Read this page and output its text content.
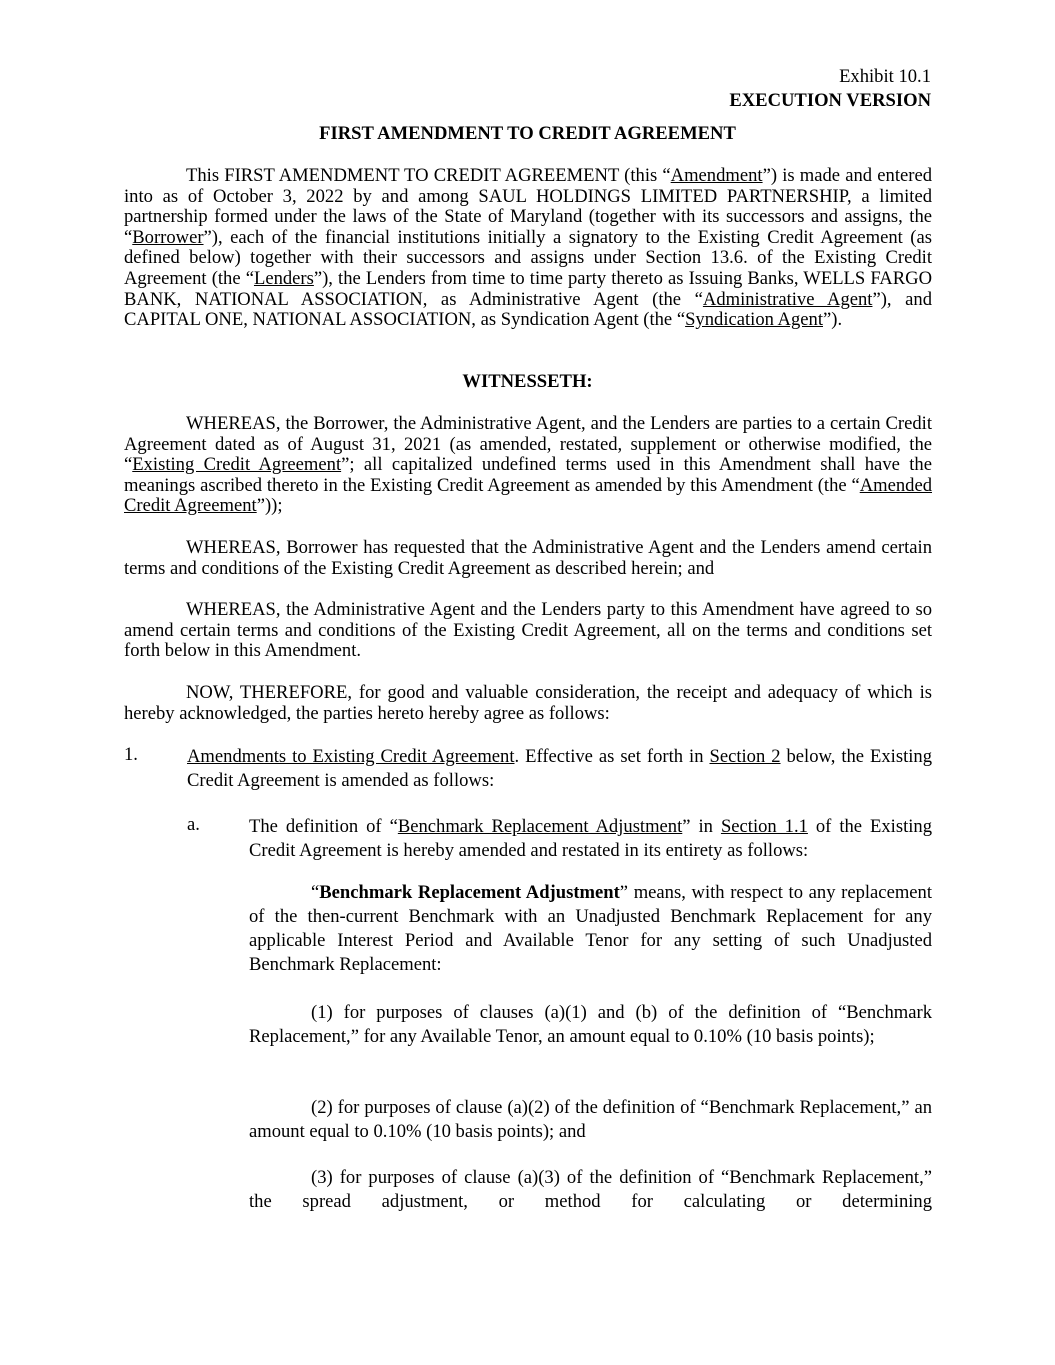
Exhibit 10.1
EXECUTION VERSION
FIRST AMENDMENT TO CREDIT AGREEMENT

This FIRST AMENDMENT TO CREDIT AGREEMENT (this “Amendment”) is made and entered into as of October 3, 2022 by and among SAUL HOLDINGS LIMITED PARTNERSHIP, a limited partnership formed under the laws of the State of Maryland (together with its successors and assigns, the “Borrower”), each of the financial institutions initially a signatory to the Existing Credit Agreement (as defined below) together with their successors and assigns under Section 13.6. of the Existing Credit Agreement (the “Lenders”), the Lenders from time to time party thereto as Issuing Banks, WELLS FARGO BANK, NATIONAL ASSOCIATION, as Administrative Agent (the “Administrative Agent”), and CAPITAL ONE, NATIONAL ASSOCIATION, as Syndication Agent (the “Syndication Agent”).

WITNESSETH:

WHEREAS, the Borrower, the Administrative Agent, and the Lenders are parties to a certain Credit Agreement dated as of August 31, 2021 (as amended, restated, supplement or otherwise modified, the “Existing Credit Agreement”; all capitalized undefined terms used in this Amendment shall have the meanings ascribed thereto in the Existing Credit Agreement as amended by this Amendment (the “Amended Credit Agreement”));

WHEREAS, Borrower has requested that the Administrative Agent and the Lenders amend certain terms and conditions of the Existing Credit Agreement as described herein; and

WHEREAS, the Administrative Agent and the Lenders party to this Amendment have agreed to so amend certain terms and conditions of the Existing Credit Agreement, all on the terms and conditions set forth below in this Amendment.

NOW, THEREFORE, for good and valuable consideration, the receipt and adequacy of which is hereby acknowledged, the parties hereto hereby agree as follows:

1.	Amendments to Existing Credit Agreement. Effective as set forth in Section 2 below, the Existing Credit Agreement is amended as follows:

a.	The definition of “Benchmark Replacement Adjustment” in Section 1.1 of the Existing Credit Agreement is hereby amended and restated in its entirety as follows:

“Benchmark Replacement Adjustment” means, with respect to any replacement of the then-current Benchmark with an Unadjusted Benchmark Replacement for any applicable Interest Period and Available Tenor for any setting of such Unadjusted Benchmark Replacement:

(1) for purposes of clauses (a)(1) and (b) of the definition of “Benchmark Replacement,” for any Available Tenor, an amount equal to 0.10% (10 basis points);

(2) for purposes of clause (a)(2) of the definition of “Benchmark Replacement,” an amount equal to 0.10% (10 basis points); and

(3) for purposes of clause (a)(3) of the definition of “Benchmark Replacement,” the spread adjustment, or method for calculating or determining
